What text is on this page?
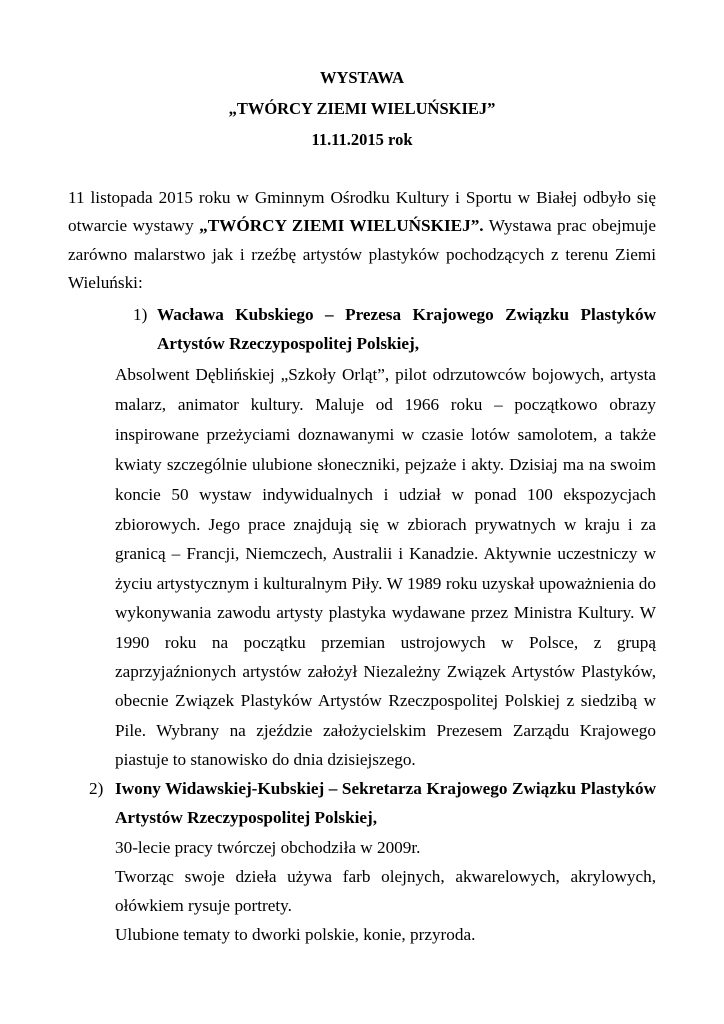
WYSTAWA
„TWÓRCY ZIEMI WIELUŃSKIEJ”
11.11.2015 rok
11 listopada 2015 roku w Gminnym Ośrodku Kultury i Sportu w Białej odbyło się
otwarcie wystawy „TWÓRCY ZIEMI WIELUŃSKIEJ”. Wystawa prac obejmuje
zarówno malarstwo jak i rzeźbę artystów plastyków pochodzących z terenu Ziemi
Wieluński:
1) Wacława Kubskiego – Prezesa Krajowego Związku Plastyków
Artystów Rzeczypospolitej Polskiej,
Absolwent Dęblińskiej „Szkoły Orląt”, pilot odrzutowców bojowych, artysta
malarz, animator kultury. Maluje od 1966 roku – początkowo obrazy
inspirowane przeżyciami doznawanymi w czasie lotów samolotem, a także
kwiaty szczególnie ulubione słoneczniki, pejzaże i akty. Dzisiaj ma na swoim
koncie 50 wystaw indywidualnych i udział w ponad 100 ekspozycjach
zbiorowych. Jego prace znajdują się w zbiorach prywatnych w kraju i za
granicą – Francji, Niemczech, Australii i Kanadzie. Aktywnie uczestniczy w
życiu artystycznym i kulturalnym Piły. W 1989 roku uzyskał upoważnienia do
wykonywania zawodu artysty plastyka wydawane przez Ministra Kultury. W
1990 roku na początku przemian ustrojowych w Polsce, z grupą
zaprzyjaźnionych artystów założył Niezależny Związek Artystów Plastyków,
obecnie Związek Plastyków Artystów Rzeczpospolitej Polskiej z siedzibą w
Pile. Wybrany na zjeździe założycielskim Prezesem Zarządu Krajowego
piastuje to stanowisko do dnia dzisiejszego.
2) Iwony Widawskiej-Kubskiej – Sekretarza Krajowego Związku Plastyków
Artystów Rzeczypospolitej Polskiej,
30-lecie pracy twórczej obchodziła w 2009r.
Tworząc swoje dzieła używa farb olejnych, akwarelowych, akrylowych,
ołówkiem rysuje portrety.
Ulubione tematy to dworki polskie, konie, przyroda.
